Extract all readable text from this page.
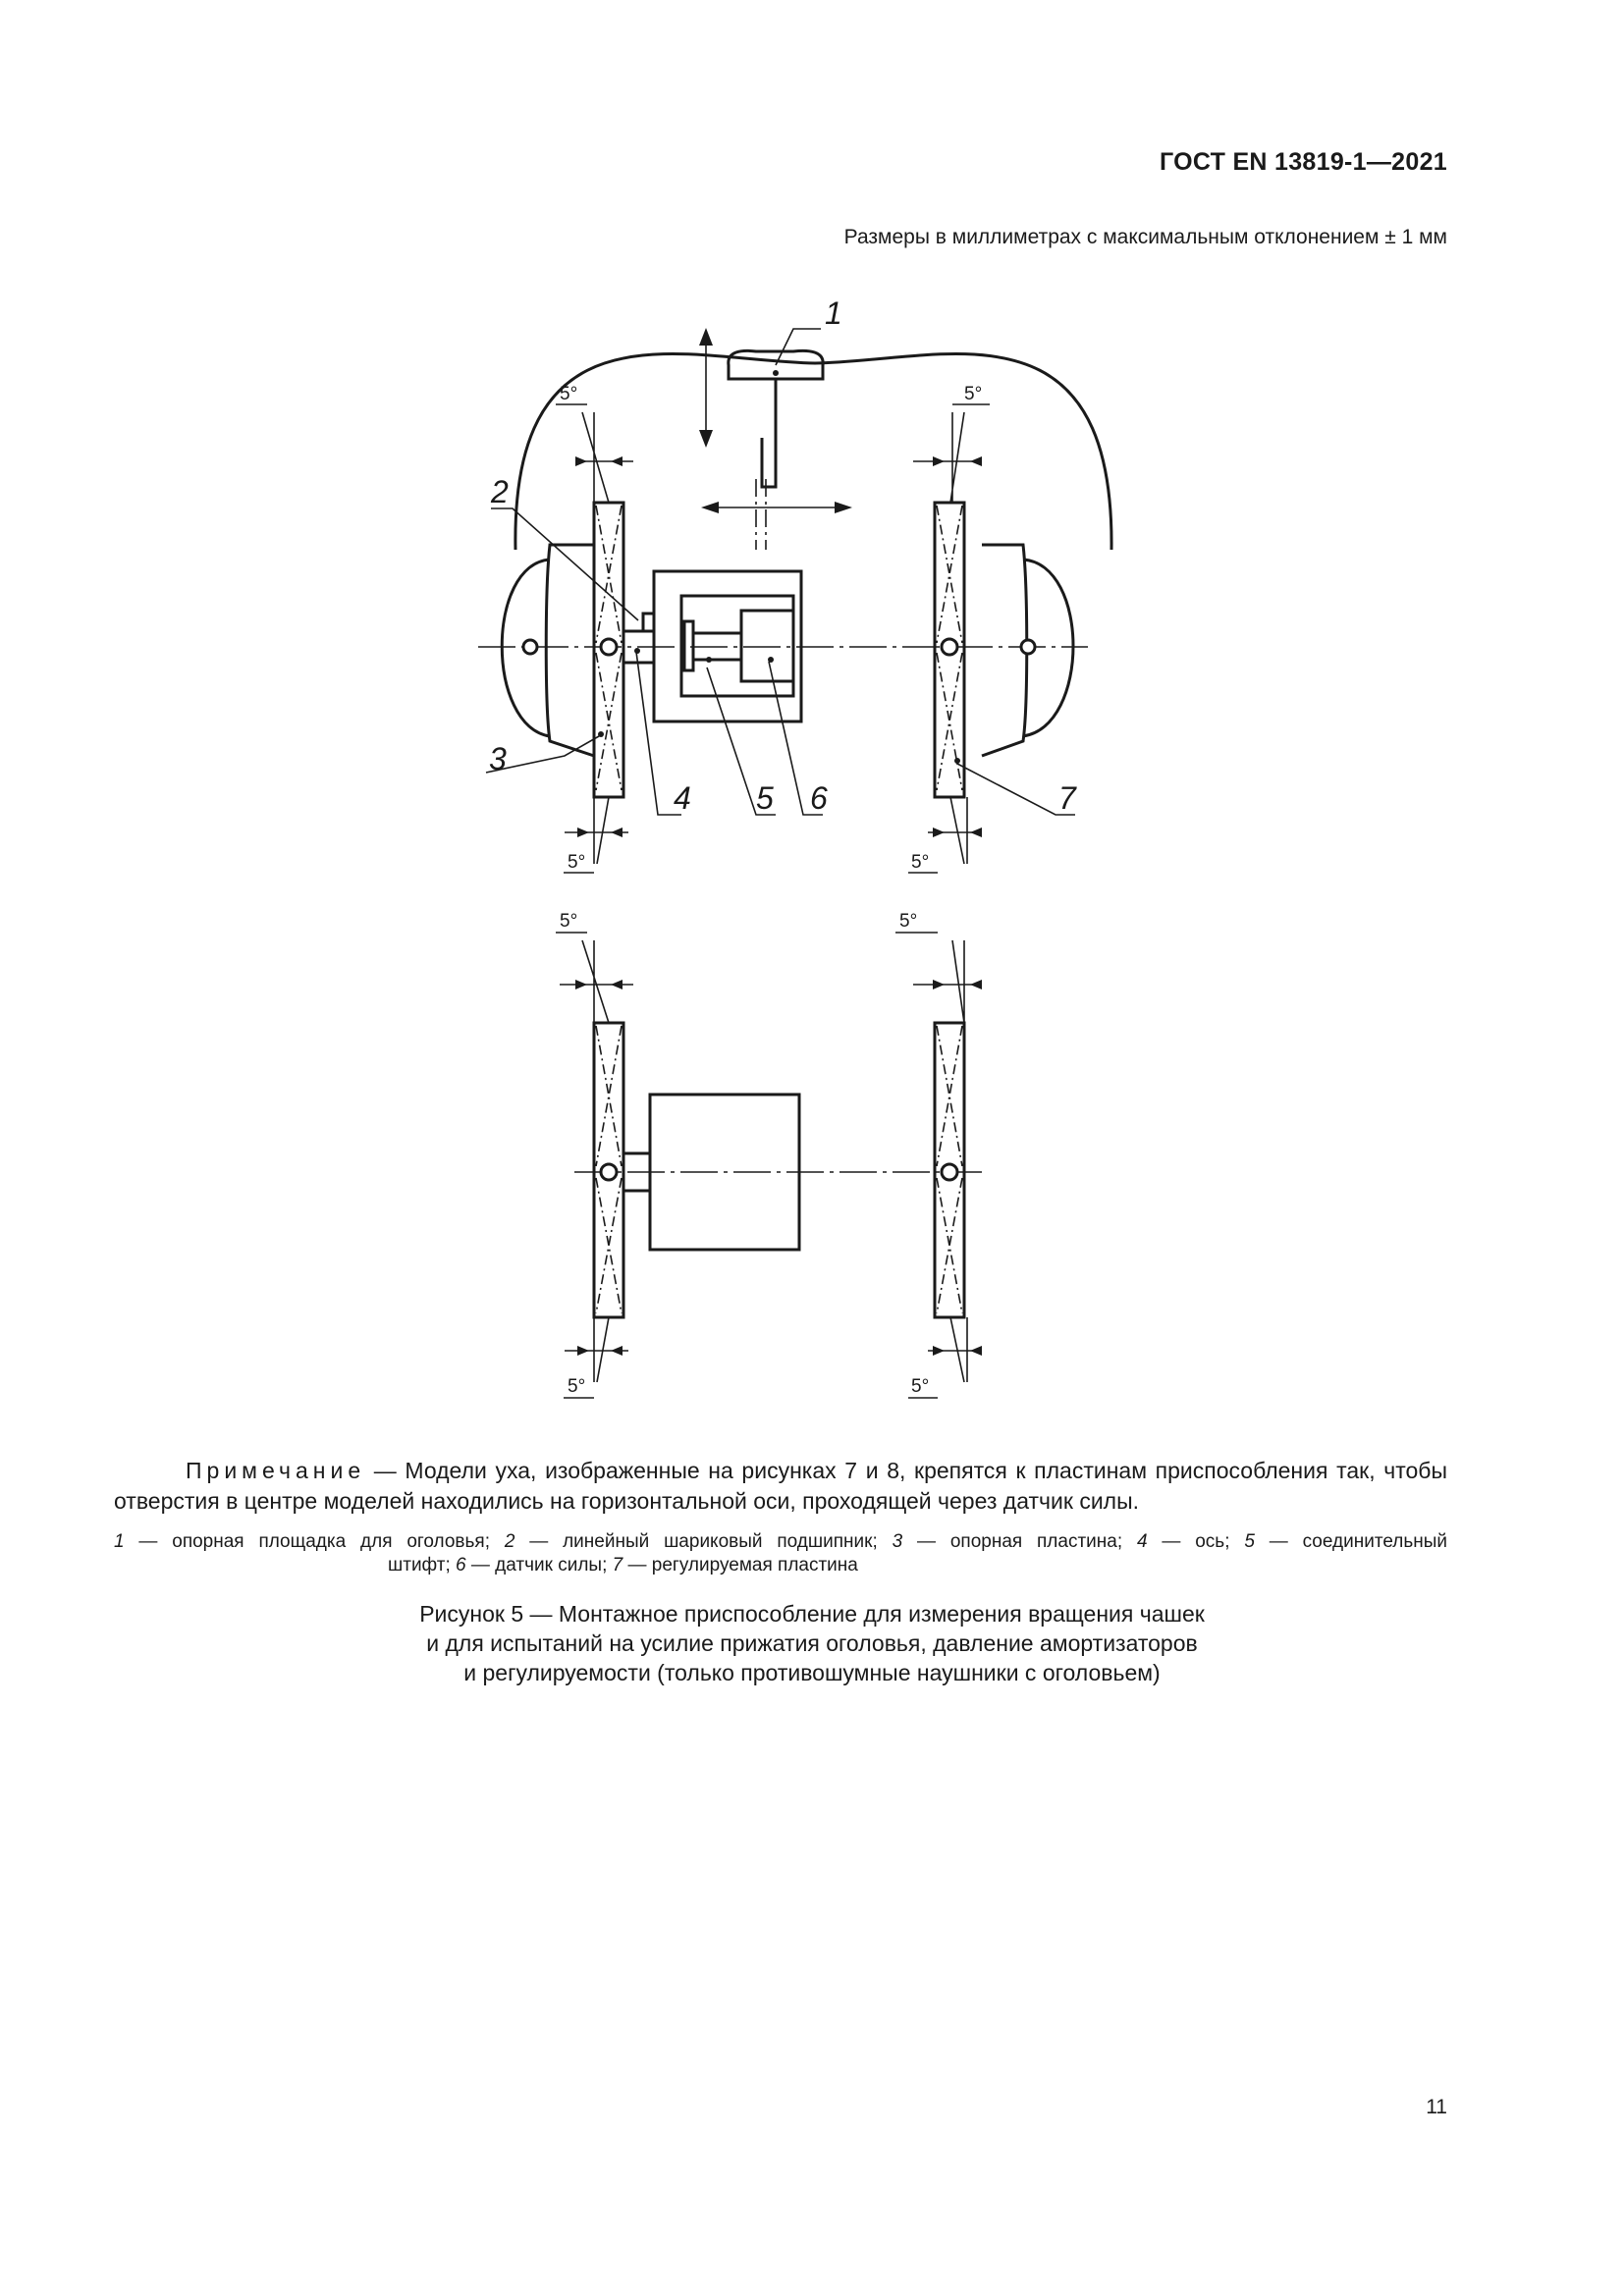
ГОСТ EN 13819-1—2021
Размеры в миллиметрах с максимальным отклонением ± 1 мм
1
2
3
4 5 6	7
5°	5°
5°	5°
5°	5°
5°	5°
Примечание — Модели уха, изображенные на рисунках 7 и 8, крепятся к пластинам приспособления так, чтобы отверстия в центре моделей находились на горизонтальной оси, проходящей через датчик силы.
1 — опорная площадка для оголовья; 2 — линейный шариковый подшипник; 3 — опорная пластина; 4 — ось; 5 — соединительный
штифт; 6 — датчик силы; 7 — регулируемая пластина
Рисунок 5 — Монтажное приспособление для измерения вращения чашек
и для испытаний на усилие прижатия оголовья, давление амортизаторов
и регулируемости (только противошумные наушники с оголовьем)
11
